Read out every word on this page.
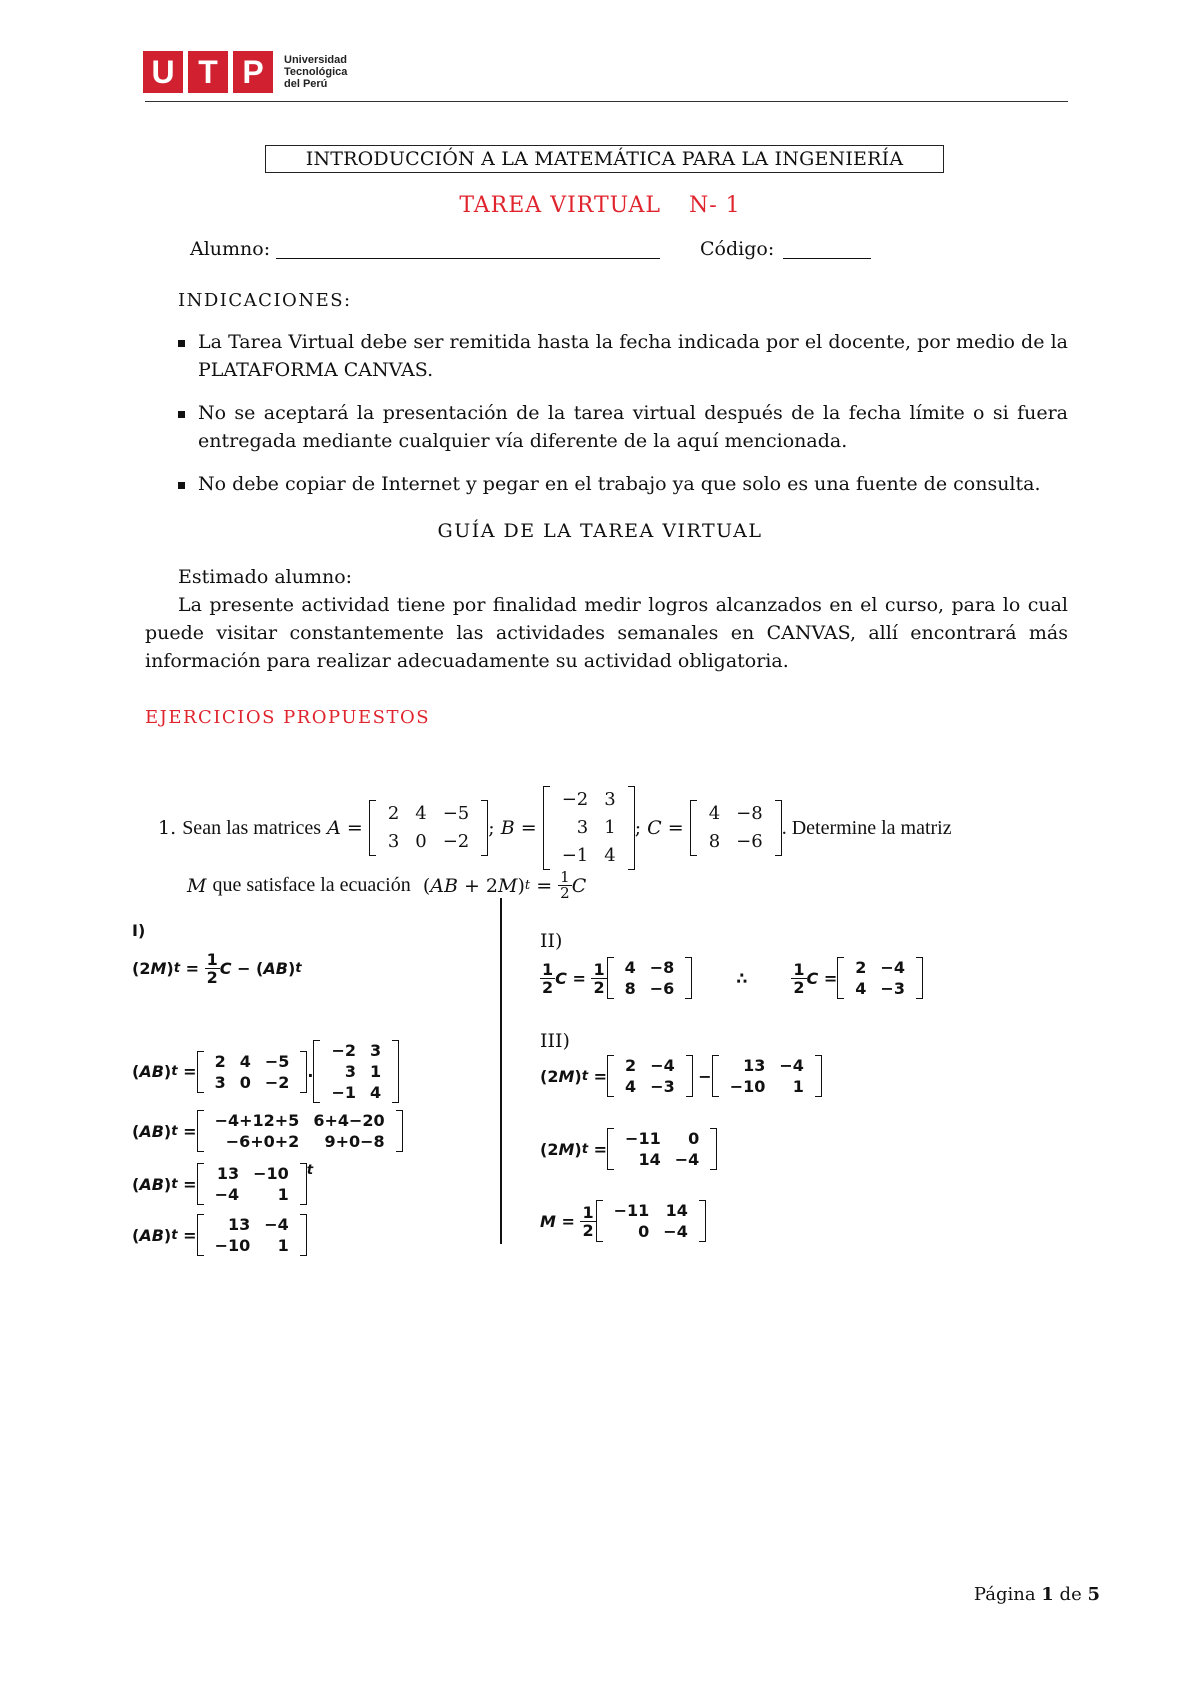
U T P	Universidad
Tecnológica
del Perú
INTRODUCCIÓN A LA MATEMÁTICA PARA LA INGENIERÍA
TAREA VIRTUAL N- 1
Alumno:	Código:
INDICACIONES:
La Tarea Virtual debe ser remitida hasta la fecha indicada por el docente, por medio de la PLATAFORMA CANVAS.
No se aceptará la presentación de la tarea virtual después de la fecha límite o si fuera entregada mediante cualquier vía diferente de la aquí mencionada.
No debe copiar de Internet y pegar en el trabajo ya que solo es una fuente de consulta.
GUÍA DE LA TAREA VIRTUAL
Estimado alumno:
La presente actividad tiene por finalidad medir logros alcanzados en el curso, para lo cual puede visitar constantemente las actividades semanales en CANVAS, allí encontrará más información para realizar adecuadamente su actividad obligatoria.
EJERCICIOS PROPUESTOS
1.
Sean las matrices
A =
2	4	−5
3	0	−2
; B =
−2	3
3	1
−1	4
; C =
4	−8
8	−6
. Determine la matriz
M
que satisface la ecuación ( AB + 2 M ) $t = \frac{1}{2}$ C
I)
(2 M ) $t = \frac{1}{2}$ C − ( AB ) t
( AB ) t =
2	4	−5
3	0	−2
.
−2	3
3	1
−1	4
( AB ) t =
−4+12+5	6+4−20
−6+0+2	9+0−8
( AB ) t =
13	−10
−4	1
$^t$
( AB ) t =
13	−4
−10	1
II)
$\frac{1}{2}$ $C = \frac{1}{2} 4$	−8
8	−6
∴	$\frac{1}{2}$ C =
2	−4
4	−3
III)
(2 M ) t =
2	−4
4	−3
−
13	−4
−10	1
(2 M ) t =
−11	0
14	−4
$M = \frac{1}{2} -11$	14
0	−4
Página 1 de 5
